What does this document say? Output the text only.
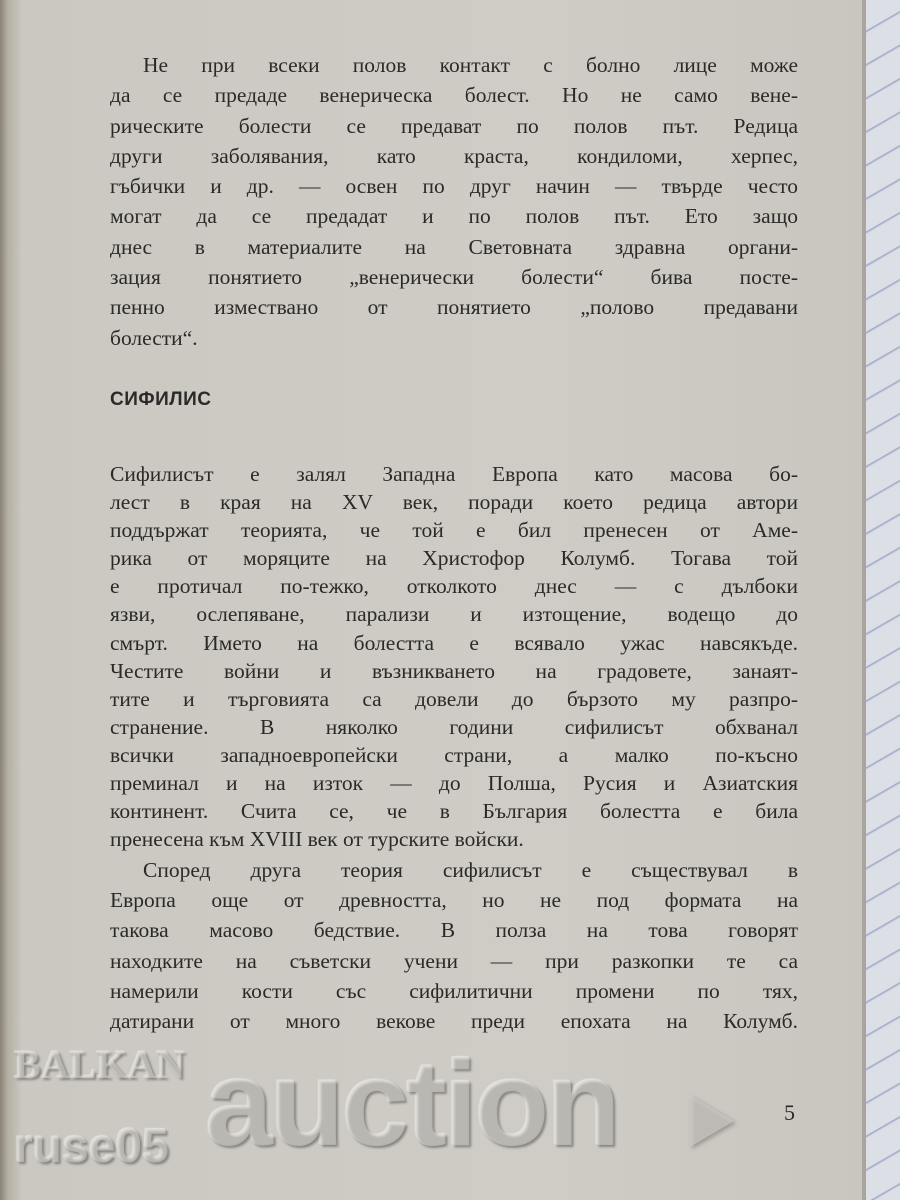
Не при всеки полов контакт с болно лице може
да се предаде венерическа болест. Но не само вене-
рическите болести се предават по полов път. Редица
други заболявания, като краста, кондиломи, херпес,
гъбички и др. — освен по друг начин — твърде често
могат да се предадат и по полов път. Ето защо
днес в материалите на Световната здравна органи-
зация понятието „венерически болести“ бива посте-
пенно измествано от понятието „полово предавани
болести“.
СИФИЛИС
Сифилисът е залял Западна Европа като масова бо-
лест в края на XV век, поради което редица автори
поддържат теорията, че той е бил пренесен от Аме-
рика от моряците на Христофор Колумб. Тогава той
е протичал по-тежко, отколкото днес — с дълбоки
язви, ослепяване, парализи и изтощение, водещо до
смърт. Името на болестта е всявало ужас навсякъде.
Честите войни и възникването на градовете, занаят-
тите и търговията са довели до бързото му разпро-
странение. В няколко години сифилисът обхванал
всички западноевропейски страни, а малко по-късно
преминал и на изток — до Полша, Русия и Азиатския
континент. Счита се, че в България болестта е била
пренесена към XVIII век от турските войски.
Според друга теория сифилисът е съществувал в
Европа още от древността, но не под формата на
такова масово бедствие. В полза на това говорят
находките на съветски учени — при разкопки те са
намерили кости със сифилитични промени по тях,
датирани от много векове преди епохата на Колумб.
5
BALKAN auction
ruse05
